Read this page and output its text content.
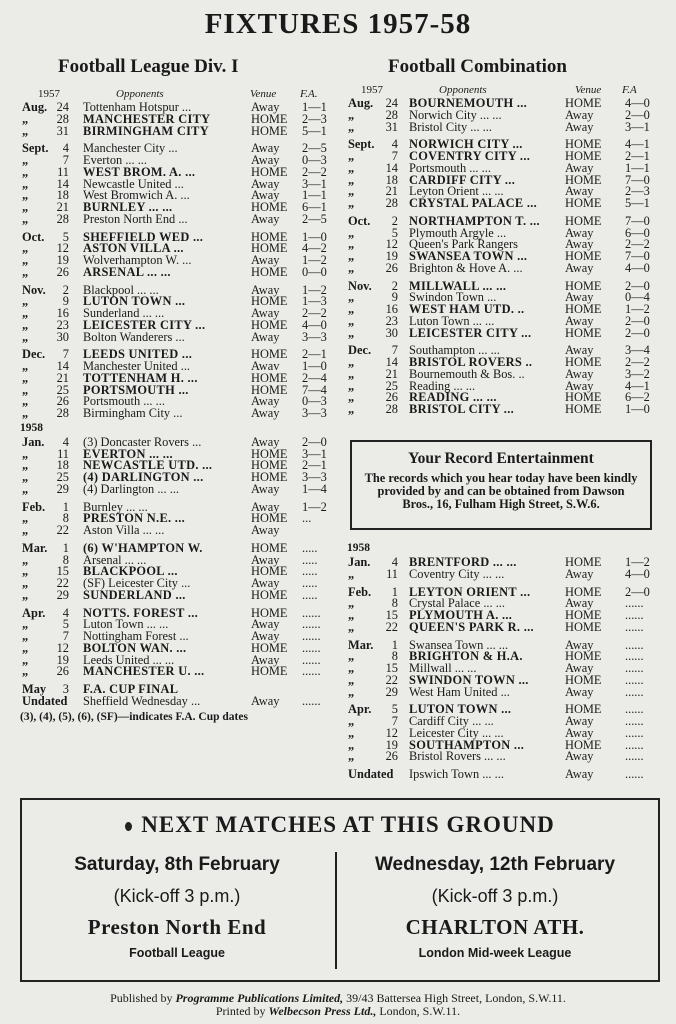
FIXTURES 1957-58
Football League Div. I	Football Combination
1957	Opponents	Venue F.A.
Aug. 24 Tottenham Hotspur ...	Away 1—1
„ 28 MANCHESTER CITY	HOME 2—3
„ 31 BIRMINGHAM CITY	HOME 5—1
Sept.	4 Manchester City ...	Away 2—5
„	7 Everton ... ...	Away 0—3
„ 11 WEST BROM. A. ...	HOME 2—2
„ 14 Newcastle United ...	Away 3—1
„ 18 West Bromwich A. ...	Away 1—1
„ 21 BURNLEY ... ...	HOME 6—1
„ 28 Preston North End ...	Away 2—5
Oct.	5 SHEFFIELD WED ...	HOME 1—0
„ 12 ASTON VILLA ...	HOME 4—2
„ 19 Wolverhampton W. ...	Away 1—2
„ 26 ARSENAL ... ...	HOME 0—0
Nov.	2 Blackpool ... ...	Away 1—2
„	9 LUTON TOWN ...	HOME 1—3
„ 16 Sunderland ... ...	Away 2—2
„ 23 LEICESTER CITY ...	HOME 4—0
„ 30 Bolton Wanderers ...	Away 3—3
Dec.	7 LEEDS UNITED ...	HOME 2—1
„ 14 Manchester United ...	Awav 1—0
„ 21 TOTTENHAM H. ...	HOME 2—4
„ 25 PORTSMOUTH ...	HOME 7—4
„ 26 Portsmouth ... ...	Away 0—3
„ 28 Birmingham City ...	Away 3—3
1958
Jan.	4 (3) Doncaster Rovers ...	Away 2—0
„ 11 EVERTON ... ...	HOME 3—1
„ 18 NEWCASTLE UTD. ...	HOME 2—1
„ 25 (4) DARLINGTON ...	HOME 3—3
„ 29 (4) Darlington ... ...	Away 1—4
Feb.	1 Burnley ... ...	Away 1—2
„	8 PRESTON N.E. ...	HOME ...
„ 22 Aston Villa ... ...	Away
Mar.	1 (6) W'HAMPTON W.	HOME .....
„	8 Arsenal ... ...	Away .....
„ 15 BLACKPOOL ...	HOME .....
„ 22 (SF) Leicester City ...	Away .....
„ 29 SUNDERLAND ...	HOME .....
Apr.	4 NOTTS. FOREST ...	HOME ......
„	5 Luton Town ... ...	Away ......
„	7 Nottingham Forest ...	Away ......
„ 12 BOLTON WAN. ...	HOME ......
„ 19 Leeds United ... ...	Away ......
„ 26 MANCHESTER U. ...	HOME ......
May	3 F.A. CUP FINAL
Undated Sheffield Wednesday ...	Away ......
(3), (4), (5), (6), (SF)—indicates F.A. Cup dates
1957	Opponents	Venue F.A
Aug. 24 BOURNEMOUTH ...	HOME 4—0
„	28 Norwich City ... ...	Away	2—0
„	31 Bristol City ... ...	Away	3—1
Sept.	4 NORWICH CITY ...	HOME 4—1
„	7 COVENTRY CITY ...	HOME 2—1
„	14 Portsmouth ... ...	Away	1—1
„	18 CARDIFF CITY ...	HOME 7—0
„	21 Leyton Orient ... ...	Away	2—3
„	28 CRYSTAL PALACE ... HOME 5—1
Oct.	2 NORTHAMPTON T. ... HOME 7—0
„	5 Plymouth Argyle ...	Away	6—0
„	12 Queen's Park Rangers	Away	2—2
„	19 SWANSEA TOWN ...	HOME 7—0
„	26 Brighton & Hove A. ...	Away	4—0
Nov.	2 MILLWALL ... ...	HOME 2—0
„	9 Swindon Town ...	Away	0—4
„	16 WEST HAM UTD. ..	HOME 1—2
„	23 Luton Town ... ...	Away	2—0
„	30 LEICESTER CITY ...	HOME 2—0
Dec.	7 Southampton ... ...	Away	3—4
„	14 BRISTOL ROVERS ..	HOME 2—2
„	21 Bournemouth & Bos. ..	Away	3—2
„	25 Reading ... ...	Away	4—1
„	26 READING ... ...	HOME 6—2
„	28 BRISTOL CITY ...	HOME 1—0
Your Record Entertainment
The records which you hear today have been kindly provided by and can be obtained from Dawson Bros., 16, Fulham High Street, S.W.6.
1958
Jan.	4 BRENTFORD ... ...	HOME 1—2
„	11 Coventry City ... ...	Away	4—0
Feb.	1 LEYTON ORIENT ...	HOME 2—0
„	8 Crystal Palace ... ...	Away	......
„	15 PLYMOUTH A. ...	HOME ......
„	22 QUEEN'S PARK R. ...	HOME ......
Mar.	1 Swansea Town ... ...	Away	......
„	8 BRIGHTON & H.A.	HOME ......
„	15 Millwall ... ...	Away	......
„	22 SWINDON TOWN ...	HOME ......
„	29 West Ham United ...	Away	......
Apr.	5 LUTON TOWN ...	HOME ......
„	7 Cardiff City ... ...	Away	......
„	12 Leicester City ... ...	Away	......
„	19 SOUTHAMPTON ...	HOME ......
„	26 Bristol Rovers ... ...	Away	......
Undated Ipswich Town ... ...	Away	......
NEXT MATCHES AT THIS GROUND
Saturday, 8th February
(Kick-off 3 p.m.)
Preston North End
Football League
Wednesday, 12th February
(Kick-off 3 p.m.)
CHARLTON ATH.
London Mid-week League
Published by Programme Publications Limited, 39/43 Battersea High Street, London, S.W.11.
Printed by Welbecson Press Ltd., London, S.W.11.
